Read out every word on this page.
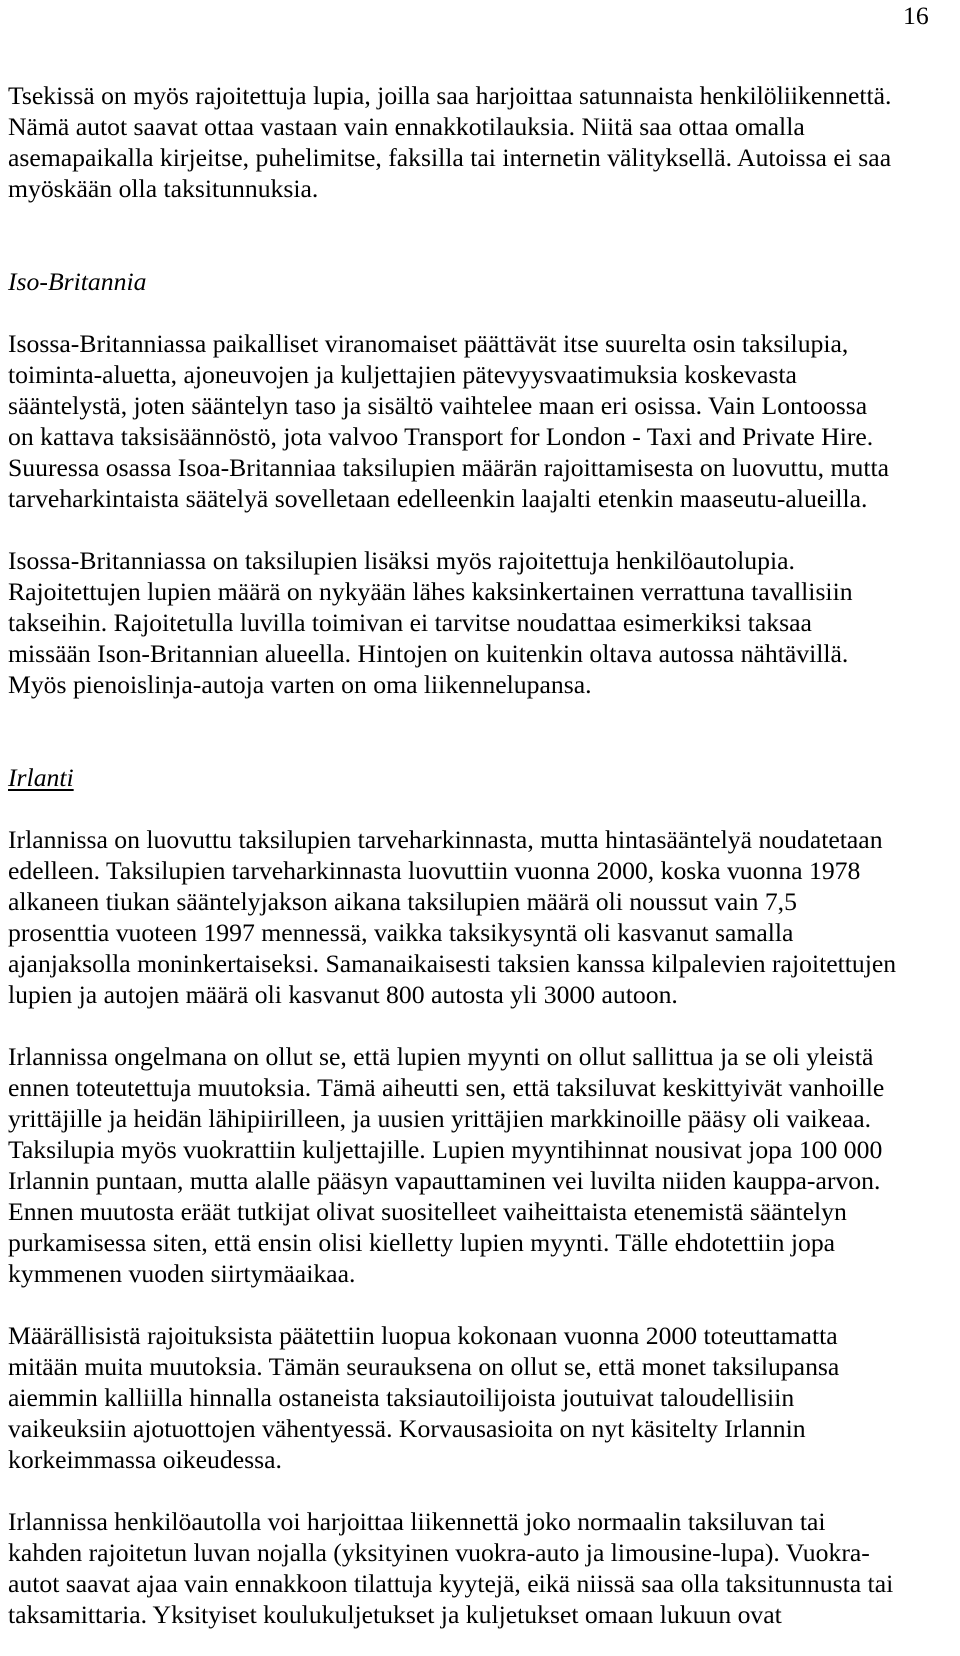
16
Tsekissä on myös rajoitettuja lupia, joilla saa harjoittaa satunnaista henkilöliikennettä.
Nämä autot saavat ottaa vastaan vain ennakkotilauksia. Niitä saa ottaa omalla
asemapaikalla kirjeitse, puhelimitse, faksilla tai internetin välityksellä. Autoissa ei saa
myöskään olla taksitunnuksia.
Iso-Britannia
Isossa-Britanniassa paikalliset viranomaiset päättävät itse suurelta osin taksilupia,
toiminta-aluetta, ajoneuvojen ja kuljettajien pätevyysvaatimuksia koskevasta
sääntelystä, joten sääntelyn taso ja sisältö vaihtelee maan eri osissa. Vain Lontoossa
on kattava taksisäännöstö, jota valvoo Transport for London - Taxi and Private Hire.
Suuressa osassa Isoa-Britanniaa taksilupien määrän rajoittamisesta on luovuttu, mutta
tarveharkintaista säätelyä sovelletaan edelleenkin laajalti etenkin maaseutu-alueilla.
Isossa-Britanniassa on taksilupien lisäksi myös rajoitettuja henkilöautolupia.
Rajoitettujen lupien määrä on nykyään lähes kaksinkertainen verrattuna tavallisiin
takseihin. Rajoitetulla luvilla toimivan ei tarvitse noudattaa esimerkiksi taksaa
missään Ison-Britannian alueella. Hintojen on kuitenkin oltava autossa nähtävillä.
Myös pienoislinja-autoja varten on oma liikennelupansa.
Irlanti
Irlannissa on luovuttu taksilupien tarveharkinnasta, mutta hintasääntelyä noudatetaan
edelleen. Taksilupien tarveharkinnasta luovuttiin vuonna 2000, koska vuonna 1978
alkaneen tiukan sääntelyjakson aikana taksilupien määrä oli noussut vain 7,5
prosenttia vuoteen 1997 mennessä, vaikka taksikysyntä oli kasvanut samalla
ajanjaksolla moninkertaiseksi. Samanaikaisesti taksien kanssa kilpalevien rajoitettujen
lupien ja autojen määrä oli kasvanut 800 autosta yli 3000 autoon.
Irlannissa ongelmana on ollut se, että lupien myynti on ollut sallittua ja se oli yleistä
ennen toteutettuja muutoksia. Tämä aiheutti sen, että taksiluvat keskittyivät vanhoille
yrittäjille ja heidän lähipiirilleen, ja uusien yrittäjien markkinoille pääsy oli vaikeaa.
Taksilupia myös vuokrattiin kuljettajille. Lupien myyntihinnat nousivat jopa 100 000
Irlannin puntaan, mutta alalle pääsyn vapauttaminen vei luvilta niiden kauppa-arvon.
Ennen muutosta eräät tutkijat olivat suositelleet vaiheittaista etenemistä sääntelyn
purkamisessa siten, että ensin olisi kielletty lupien myynti. Tälle ehdotettiin jopa
kymmenen vuoden siirtymäaikaa.
Määrällisistä rajoituksista päätettiin luopua kokonaan vuonna 2000 toteuttamatta
mitään muita muutoksia. Tämän seurauksena on ollut se, että monet taksilupansa
aiemmin kalliilla hinnalla ostaneista taksiautoilijoista joutuivat taloudellisiin
vaikeuksiin ajotuottojen vähentyessä. Korvausasioita on nyt käsitelty Irlannin
korkeimmassa oikeudessa.
Irlannissa henkilöautolla voi harjoittaa liikennettä joko normaalin taksiluvan tai
kahden rajoitetun luvan nojalla (yksityinen vuokra-auto ja limousine-lupa). Vuokra-
autot saavat ajaa vain ennakkoon tilattuja kyytejä, eikä niissä saa olla taksitunnusta tai
taksamittaria. Yksityiset koulukuljetukset ja kuljetukset omaan lukuun ovat
